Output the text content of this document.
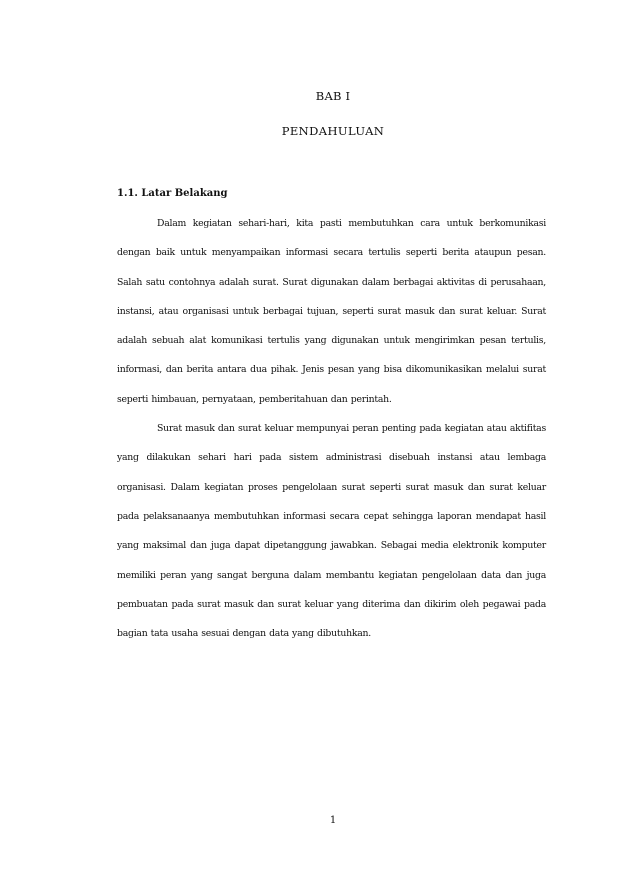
BAB I
PENDAHULUAN
1.1. Latar Belakang

Dalam kegiatan sehari-hari, kita pasti membutuhkan cara untuk berkomunikasi dengan baik untuk menyampaikan informasi secara tertulis seperti berita ataupun pesan. Salah satu contohnya adalah surat. Surat digunakan dalam berbagai aktivitas di perusahaan, instansi, atau organisasi untuk berbagai tujuan, seperti surat masuk dan surat keluar. Surat adalah sebuah alat komunikasi tertulis yang digunakan untuk mengirimkan pesan tertulis, informasi, dan berita antara dua pihak. Jenis pesan yang bisa dikomunikasikan melalui surat seperti himbauan, pernyataan, pemberitahuan dan perintah.

Surat masuk dan surat keluar mempunyai peran penting pada kegiatan atau aktifitas yang dilakukan sehari hari pada sistem administrasi disebuah instansi atau lembaga organisasi. Dalam kegiatan proses pengelolaan surat seperti surat masuk dan surat keluar pada pelaksanaanya membutuhkan informasi secara cepat sehingga laporan mendapat hasil yang maksimal dan juga dapat dipetanggung jawabkan. Sebagai media elektronik komputer memiliki peran yang sangat berguna dalam membantu kegiatan pengelolaan data dan juga pembuatan pada surat masuk dan surat keluar yang diterima dan dikirim oleh pegawai pada bagian tata usaha sesuai dengan data yang dibutuhkan.

1
